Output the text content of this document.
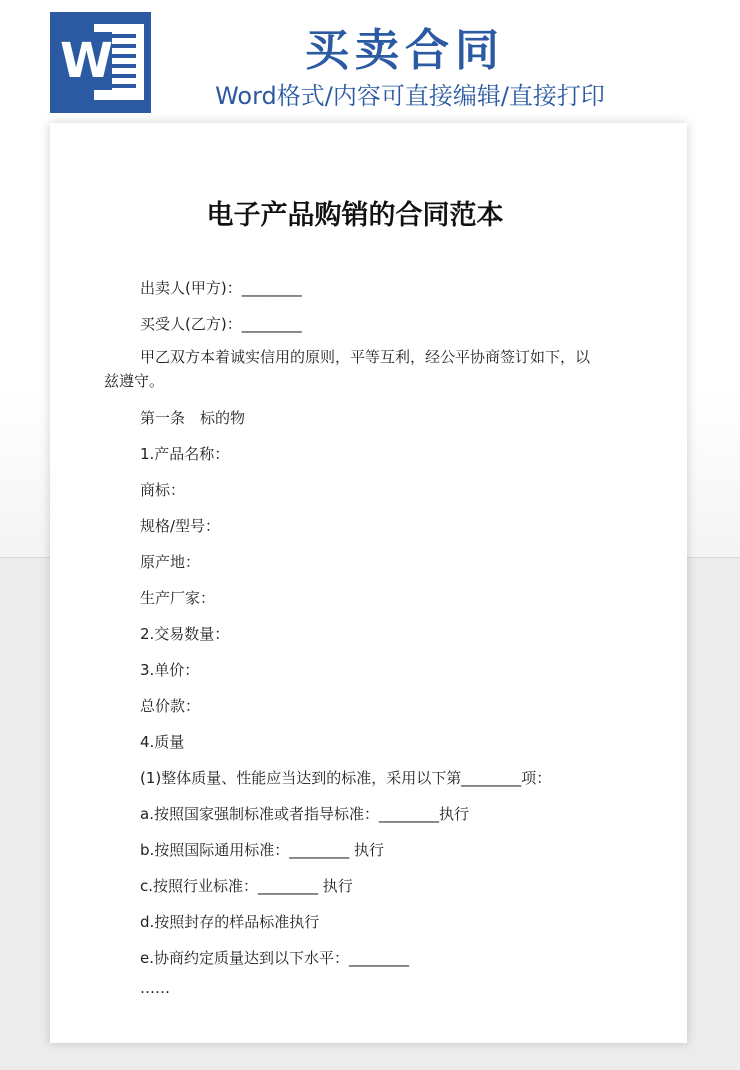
W	买卖合同
Word格式/内容可直接编辑/直接打印
电子产品购销的合同范本
出卖人(甲方)：________
买受人(乙方)：________
甲乙双方本着诚实信用的原则，平等互利，经公平协商签订如下，以兹遵守。
第一条　标的物
1.产品名称：
商标：
规格/型号：
原产地：
生产厂家：
2.交易数量：
3.单价：
总价款：
4.质量
(1)整体质量、性能应当达到的标准，采用以下第________项：
a.按照国家强制标准或者指导标准：________执行
b.按照国际通用标准：________ 执行
c.按照行业标准：________ 执行
d.按照封存的样品标准执行
e.协商约定质量达到以下水平：________
……
